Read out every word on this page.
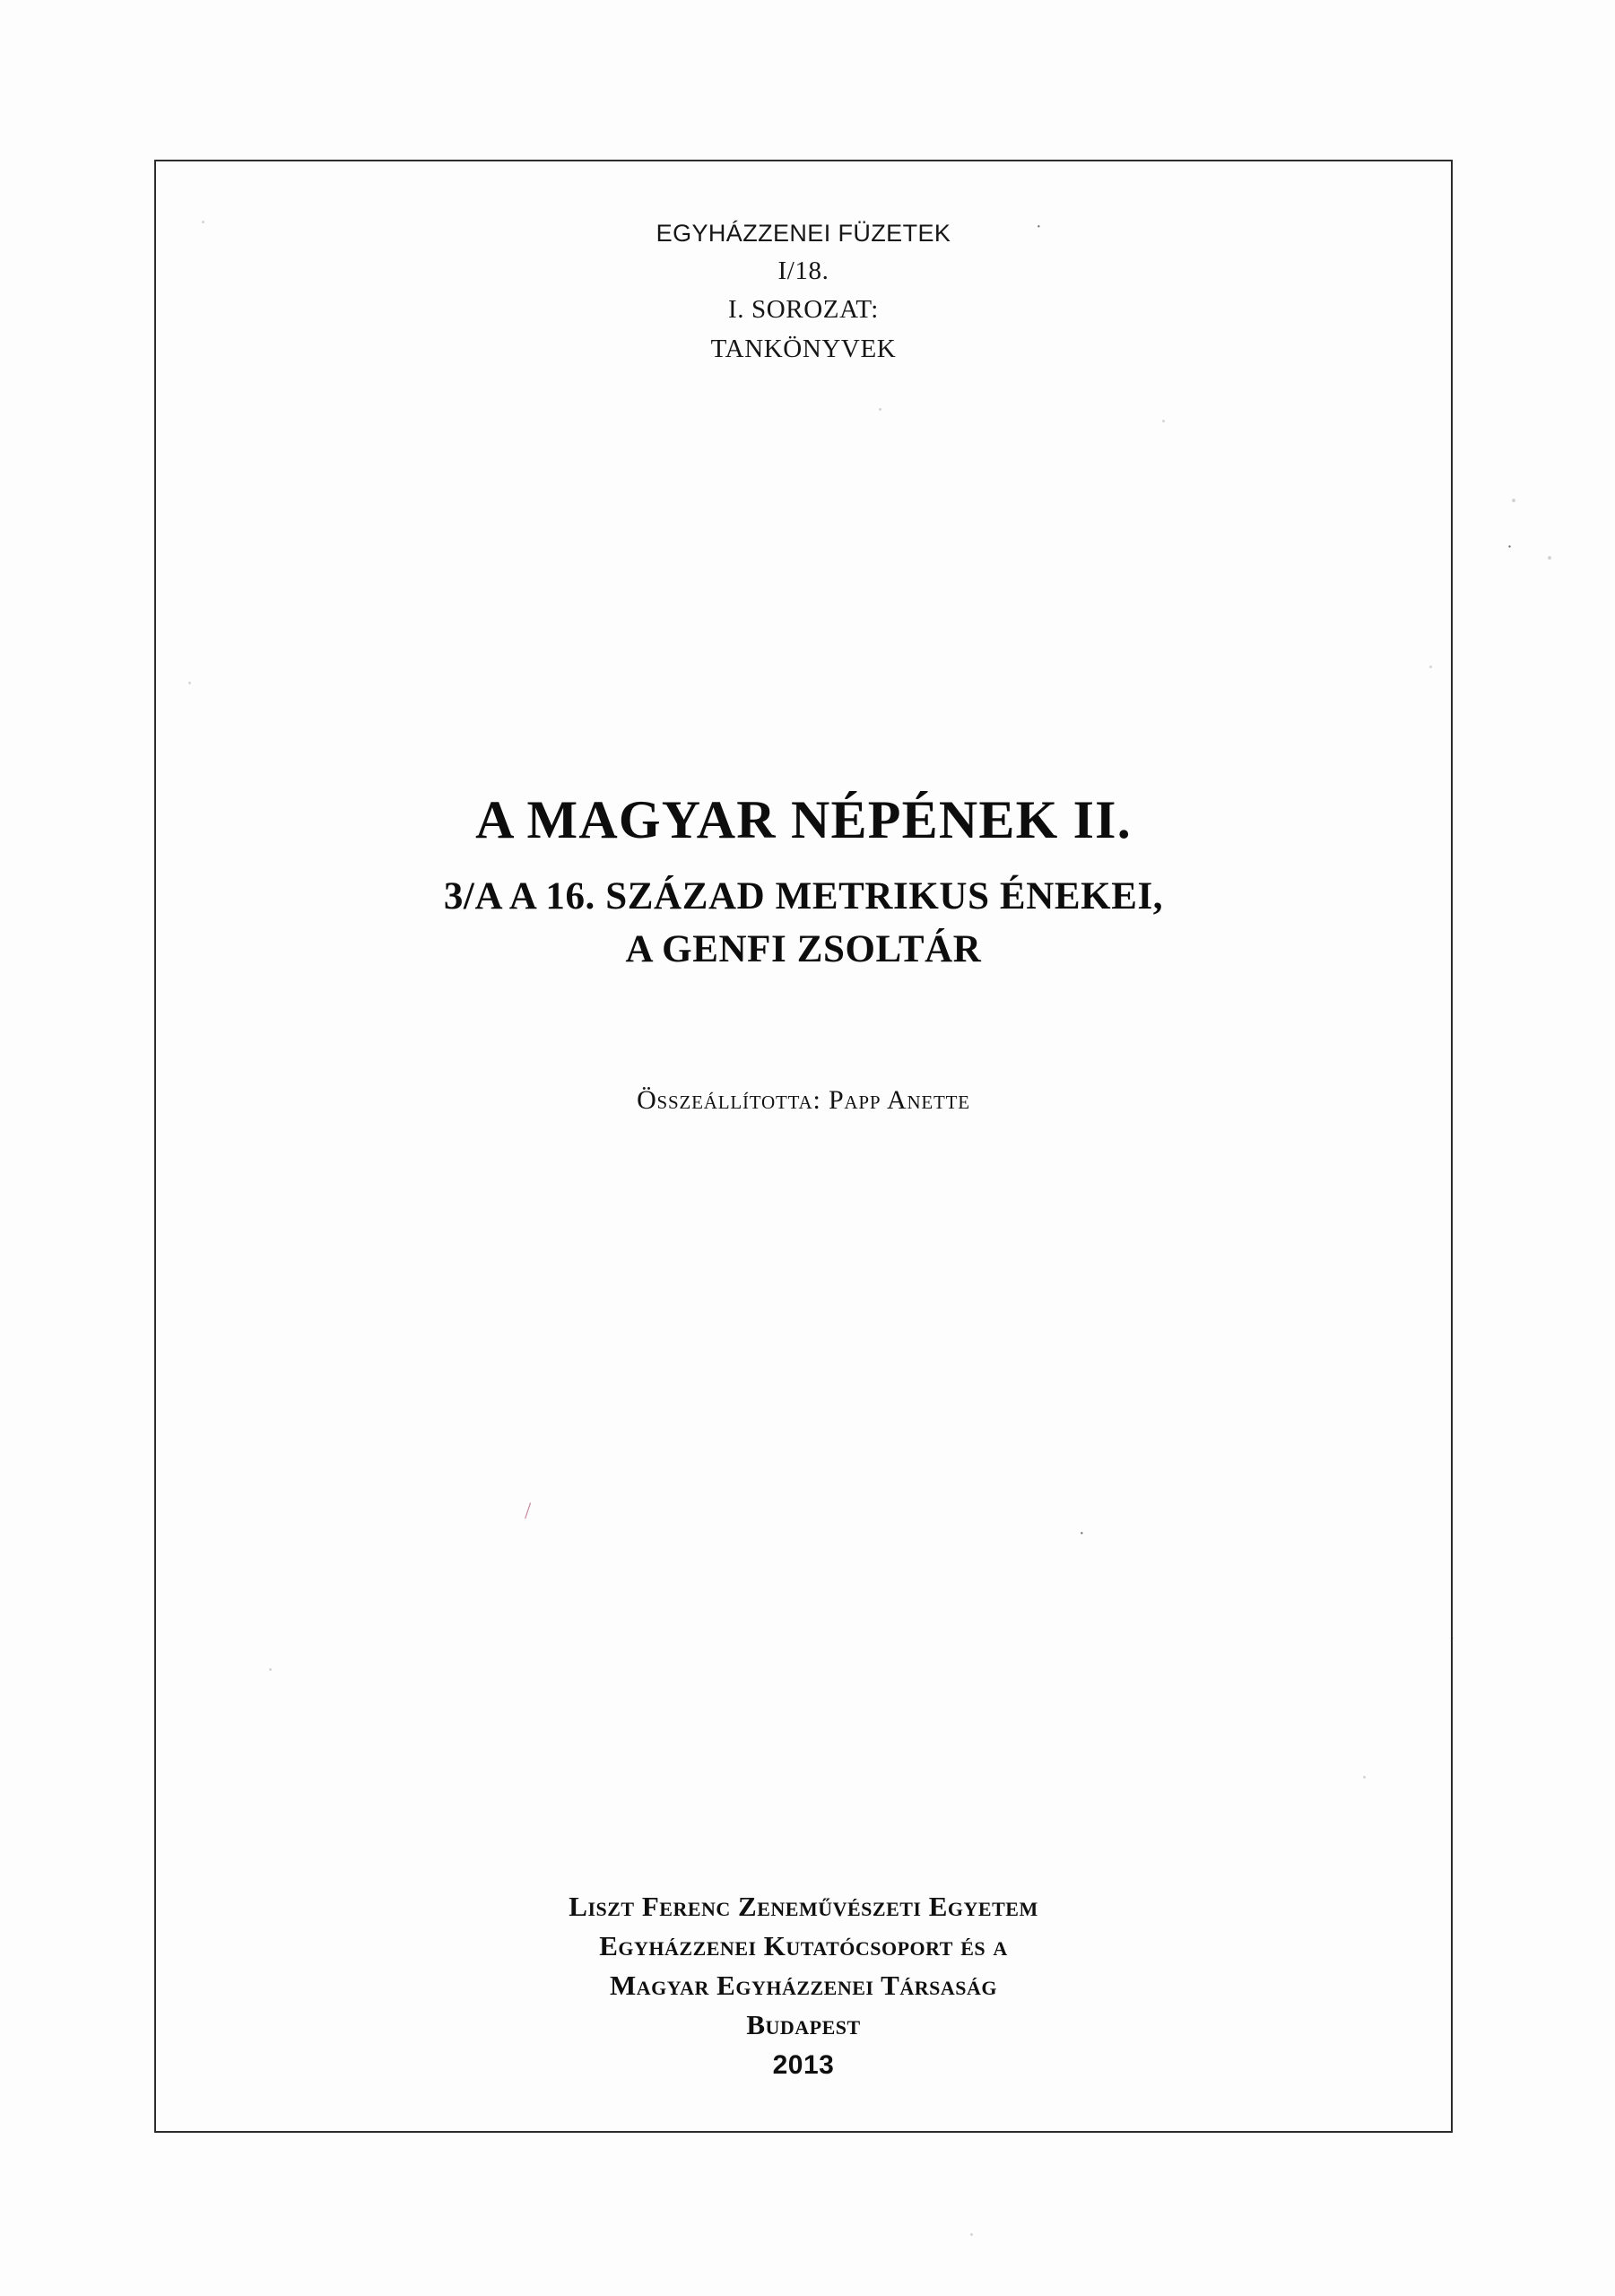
·
·
·
/
EGYHÁZZENEI FÜZETEK
I/18.
I. SOROZAT:
TANKÖNYVEK
A MAGYAR NÉPÉNEK II.
3/A A 16. SZÁZAD METRIKUS ÉNEKEI,
A GENFI ZSOLTÁR
Összeállította: Papp Anette
Liszt Ferenc Zeneművészeti Egyetem
Egyházzenei Kutatócsoport és a
Magyar Egyházzenei Társaság
Budapest
2013
